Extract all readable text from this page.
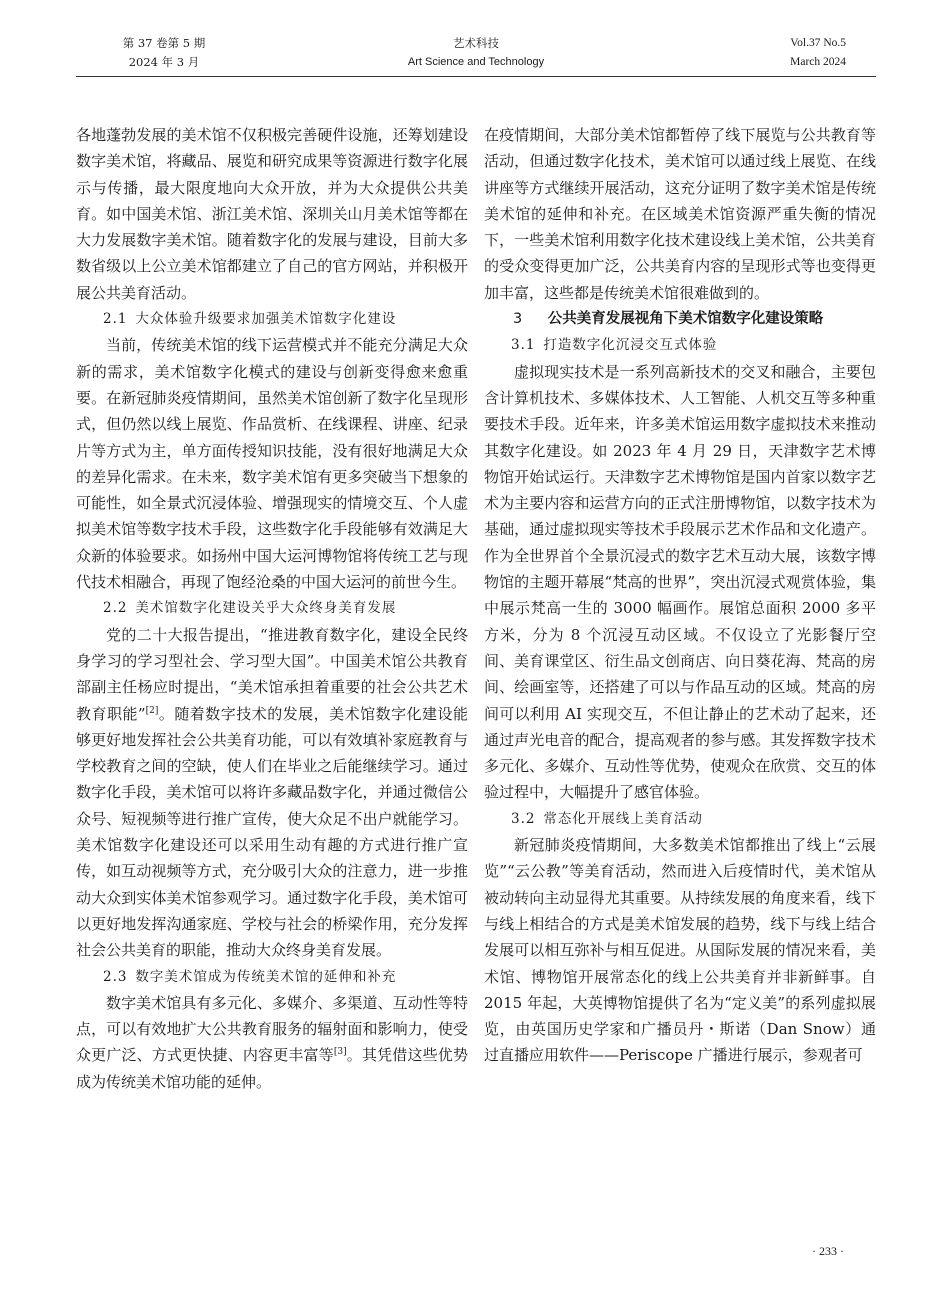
第 37 卷第 5 期
2024 年 3 月
艺术科技
Art Science and Technology
Vol.37 No.5
March 2024

各地蓬勃发展的美术馆不仅积极完善硬件设施，还筹划建设数字美术馆，将藏品、展览和研究成果等资源进行数字化展示与传播，最大限度地向大众开放，并为大众提供公共美育。如中国美术馆、浙江美术馆、深圳关山月美术馆等都在大力发展数字美术馆。随着数字化的发展与建设，目前大多数省级以上公立美术馆都建立了自己的官方网站，并积极开展公共美育活动。

2.1 大众体验升级要求加强美术馆数字化建设

当前，传统美术馆的线下运营模式并不能充分满足大众新的需求，美术馆数字化模式的建设与创新变得愈来愈重要。在新冠肺炎疫情期间，虽然美术馆创新了数字化呈现形式，但仍然以线上展览、作品赏析、在线课程、讲座、纪录片等方式为主，单方面传授知识技能，没有很好地满足大众的差异化需求。在未来，数字美术馆有更多突破当下想象的可能性，如全景式沉浸体验、增强现实的情境交互、个人虚拟美术馆等数字技术手段，这些数字化手段能够有效满足大众新的体验要求。如扬州中国大运河博物馆将传统工艺与现代技术相融合，再现了饱经沧桑的中国大运河的前世今生。

2.2 美术馆数字化建设关乎大众终身美育发展

党的二十大报告提出，“推进教育数字化，建设全民终身学习的学习型社会、学习型大国”。中国美术馆公共教育部副主任杨应时提出，“美术馆承担着重要的社会公共艺术教育职能”[2]。随着数字技术的发展，美术馆数字化建设能够更好地发挥社会公共美育功能，可以有效填补家庭教育与学校教育之间的空缺，使人们在毕业之后能继续学习。通过数字化手段，美术馆可以将许多藏品数字化，并通过微信公众号、短视频等进行推广宣传，使大众足不出户就能学习。美术馆数字化建设还可以采用生动有趣的方式进行推广宣传，如互动视频等方式，充分吸引大众的注意力，进一步推动大众到实体美术馆参观学习。通过数字化手段，美术馆可以更好地发挥沟通家庭、学校与社会的桥梁作用，充分发挥社会公共美育的职能，推动大众终身美育发展。

2.3 数字美术馆成为传统美术馆的延伸和补充

数字美术馆具有多元化、多媒介、多渠道、互动性等特点，可以有效地扩大公共教育服务的辐射面和影响力，使受众更广泛、方式更快捷、内容更丰富等[3]。其凭借这些优势成为传统美术馆功能的延伸。

在疫情期间，大部分美术馆都暂停了线下展览与公共教育等活动，但通过数字化技术，美术馆可以通过线上展览、在线讲座等方式继续开展活动，这充分证明了数字美术馆是传统美术馆的延伸和补充。在区域美术馆资源严重失衡的情况下，一些美术馆利用数字化技术建设线上美术馆，公共美育的受众变得更加广泛，公共美育内容的呈现形式等也变得更加丰富，这些都是传统美术馆很难做到的。

3 公共美育发展视角下美术馆数字化建设策略
3.1 打造数字化沉浸交互式体验

虚拟现实技术是一系列高新技术的交叉和融合，主要包含计算机技术、多媒体技术、人工智能、人机交互等多种重要技术手段。近年来，许多美术馆运用数字虚拟技术来推动其数字化建设。如 2023 年 4 月 29 日，天津数字艺术博物馆开始试运行。天津数字艺术博物馆是国内首家以数字艺术为主要内容和运营方向的正式注册博物馆，以数字技术为基础，通过虚拟现实等技术手段展示艺术作品和文化遗产。作为全世界首个全景沉浸式的数字艺术互动大展，该数字博物馆的主题开幕展“梵高的世界”，突出沉浸式观赏体验，集中展示梵高一生的 3000 幅画作。展馆总面积 2000 多平方米，分为 8 个沉浸互动区域。不仅设立了光影餐厅空间、美育课堂区、衍生品文创商店、向日葵花海、梵高的房间、绘画室等，还搭建了可以与作品互动的区域。梵高的房间可以利用 AI 实现交互，不但让静止的艺术动了起来，还通过声光电音的配合，提高观者的参与感。其发挥数字技术多元化、多媒介、互动性等优势，使观众在欣赏、交互的体验过程中，大幅提升了感官体验。

3.2 常态化开展线上美育活动

新冠肺炎疫情期间，大多数美术馆都推出了线上“云展览”“云公教”等美育活动，然而进入后疫情时代，美术馆从被动转向主动显得尤其重要。从持续发展的角度来看，线下与线上相结合的方式是美术馆发展的趋势，线下与线上结合发展可以相互弥补与相互促进。从国际发展的情况来看，美术馆、博物馆开展常态化的线上公共美育并非新鲜事。自 2015 年起，大英博物馆提供了名为“定义美”的系列虚拟展览，由英国历史学家和广播员丹・斯诺（Dan Snow）通过直播应用软件——Periscope 广播进行展示，参观者可

· 233 ·
